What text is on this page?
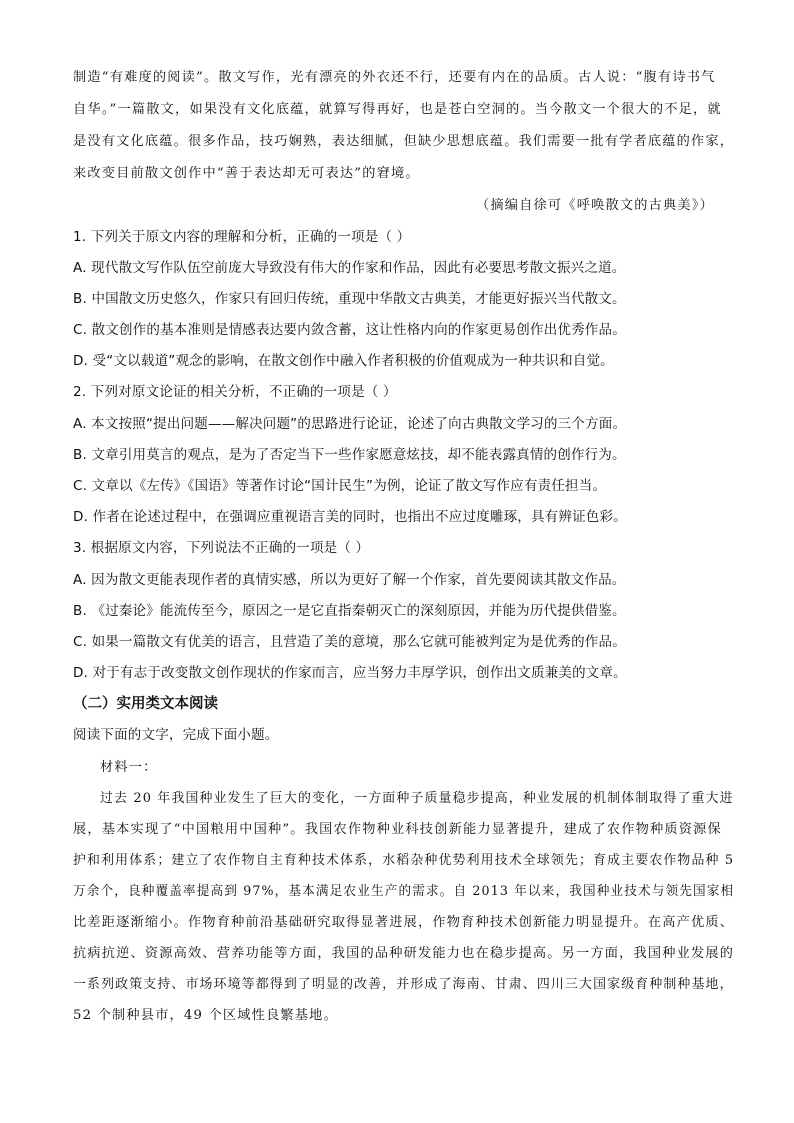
制造“有难度的阅读”。散文写作，光有漂亮的外衣还不行，还要有内在的品质。古人说：“腹有诗书气
自华。”一篇散文，如果没有文化底蕴，就算写得再好，也是苍白空洞的。当今散文一个很大的不足，就
是没有文化底蕴。很多作品，技巧娴熟，表达细腻，但缺少思想底蕴。我们需要一批有学者底蕴的作家，
来改变目前散文创作中“善于表达却无可表达”的窘境。
（摘编自徐可《呼唤散文的古典美》）
1. 下列关于原文内容的理解和分析，正确的一项是（ ）
A. 现代散文写作队伍空前庞大导致没有伟大的作家和作品，因此有必要思考散文振兴之道。
B. 中国散文历史悠久，作家只有回归传统，重现中华散文古典美，才能更好振兴当代散文。
C. 散文创作的基本准则是情感表达要内敛含蓄，这让性格内向的作家更易创作出优秀作品。
D. 受“文以载道”观念的影响，在散文创作中融入作者积极的价值观成为一种共识和自觉。
2. 下列对原文论证的相关分析，不正确的一项是（ ）
A. 本文按照“提出问题——解决问题”的思路进行论证，论述了向古典散文学习的三个方面。
B. 文章引用莫言的观点，是为了否定当下一些作家愿意炫技，却不能表露真情的创作行为。
C. 文章以《左传》《国语》等著作讨论“国计民生”为例，论证了散文写作应有责任担当。
D. 作者在论述过程中，在强调应重视语言美的同时，也指出不应过度雕琢，具有辨证色彩。
3. 根据原文内容，下列说法不正确的一项是（ ）
A. 因为散文更能表现作者的真情实感，所以为更好了解一个作家，首先要阅读其散文作品。
B. 《过秦论》能流传至今，原因之一是它直指秦朝灭亡的深刻原因，并能为历代提供借鉴。
C. 如果一篇散文有优美的语言，且营造了美的意境，那么它就可能被判定为是优秀的作品。
D. 对于有志于改变散文创作现状的作家而言，应当努力丰厚学识，创作出文质兼美的文章。
（二）实用类文本阅读
阅读下面的文字，完成下面小题。
材料一：
过去 20 年我国种业发生了巨大的变化，一方面种子质量稳步提高，种业发展的机制体制取得了重大进
展，基本实现了“中国粮用中国种”。我国农作物种业科技创新能力显著提升，建成了农作物种质资源保
护和利用体系；建立了农作物自主育种技术体系，水稻杂种优势利用技术全球领先；育成主要农作物品种 5
万余个，良种覆盖率提高到 97%，基本满足农业生产的需求。自 2013 年以来，我国种业技术与领先国家相
比差距逐渐缩小。作物育种前沿基础研究取得显著进展，作物育种技术创新能力明显提升。在高产优质、
抗病抗逆、资源高效、营养功能等方面，我国的品种研发能力也在稳步提高。另一方面，我国种业发展的
一系列政策支持、市场环境等都得到了明显的改善，并形成了海南、甘肃、四川三大国家级育种制种基地，
52 个制种县市，49 个区域性良繁基地。
